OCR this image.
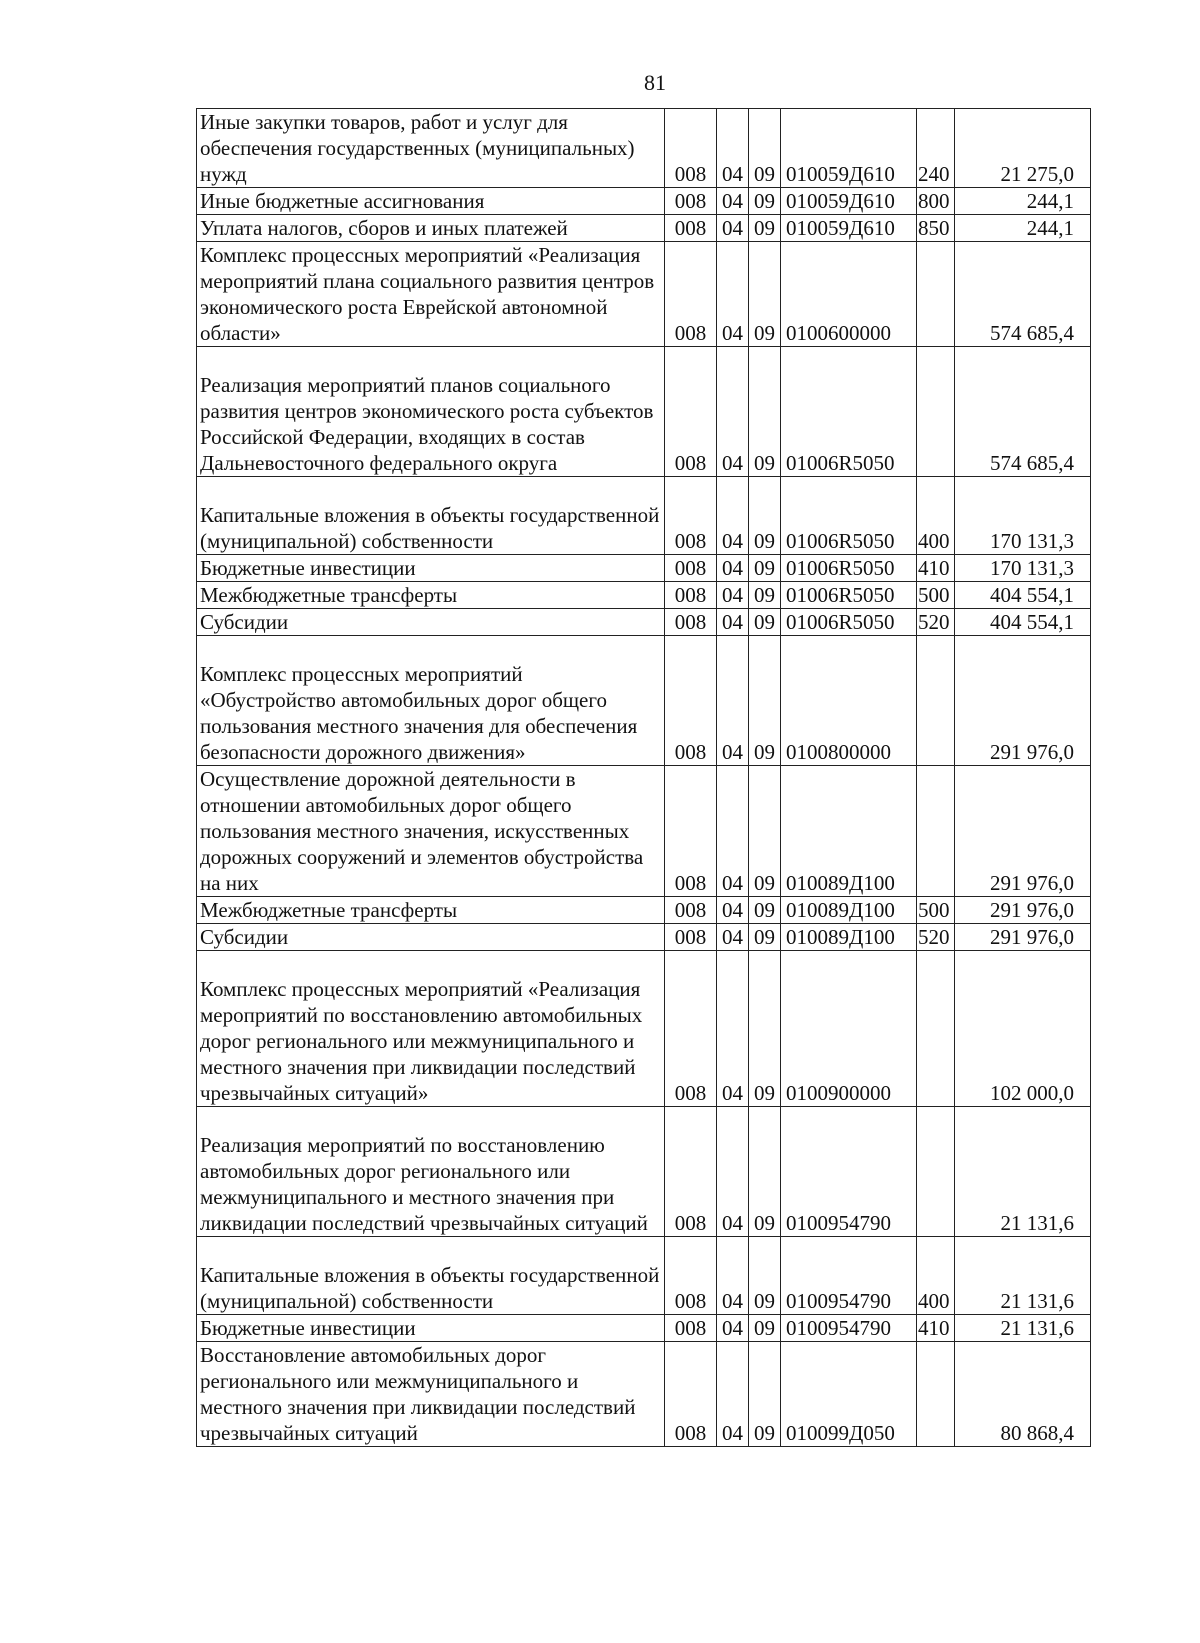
81
Иные закупки товаров, работ и услуг для обеспечения государственных (муниципальных) нужд	008	04	09	010059Д610	240	21 275,0
Иные бюджетные ассигнования	008	04	09	010059Д610	800	244,1
Уплата налогов, сборов и иных платежей	008	04	09	010059Д610	850	244,1
Комплекс процессных мероприятий «Реализация мероприятий плана социального развития центров экономического роста Еврейской автономной области»	008	04	09	0100600000		574 685,4
Реализация мероприятий планов социального развития центров экономического роста субъектов Российской Федерации, входящих в состав Дальневосточного федерального округа	008	04	09	01006R5050		574 685,4
Капитальные вложения в объекты государственной (муниципальной) собственности	008	04	09	01006R5050	400	170 131,3
Бюджетные инвестиции	008	04	09	01006R5050	410	170 131,3
Межбюджетные трансферты	008	04	09	01006R5050	500	404 554,1
Субсидии	008	04	09	01006R5050	520	404 554,1
Комплекс процессных мероприятий «Обустройство автомобильных дорог общего пользования местного значения для обеспечения безопасности дорожного движения»	008	04	09	0100800000		291 976,0
Осуществление дорожной деятельности в отношении автомобильных дорог общего пользования местного значения, искусственных дорожных сооружений и элементов обустройства на них	008	04	09	010089Д100		291 976,0
Межбюджетные трансферты	008	04	09	010089Д100	500	291 976,0
Субсидии	008	04	09	010089Д100	520	291 976,0
Комплекс процессных мероприятий «Реализация мероприятий по восстановлению автомобильных дорог регионального или межмуниципального и местного значения при ликвидации последствий чрезвычайных ситуаций»	008	04	09	0100900000		102 000,0
Реализация мероприятий по восстановлению автомобильных дорог регионального или межмуниципального и местного значения при ликвидации последствий чрезвычайных ситуаций	008	04	09	0100954790		21 131,6
Капитальные вложения в объекты государственной (муниципальной) собственности	008	04	09	0100954790	400	21 131,6
Бюджетные инвестиции	008	04	09	0100954790	410	21 131,6
Восстановление автомобильных дорог регионального или межмуниципального и местного значения при ликвидации последствий чрезвычайных ситуаций	008	04	09	010099Д050		80 868,4
